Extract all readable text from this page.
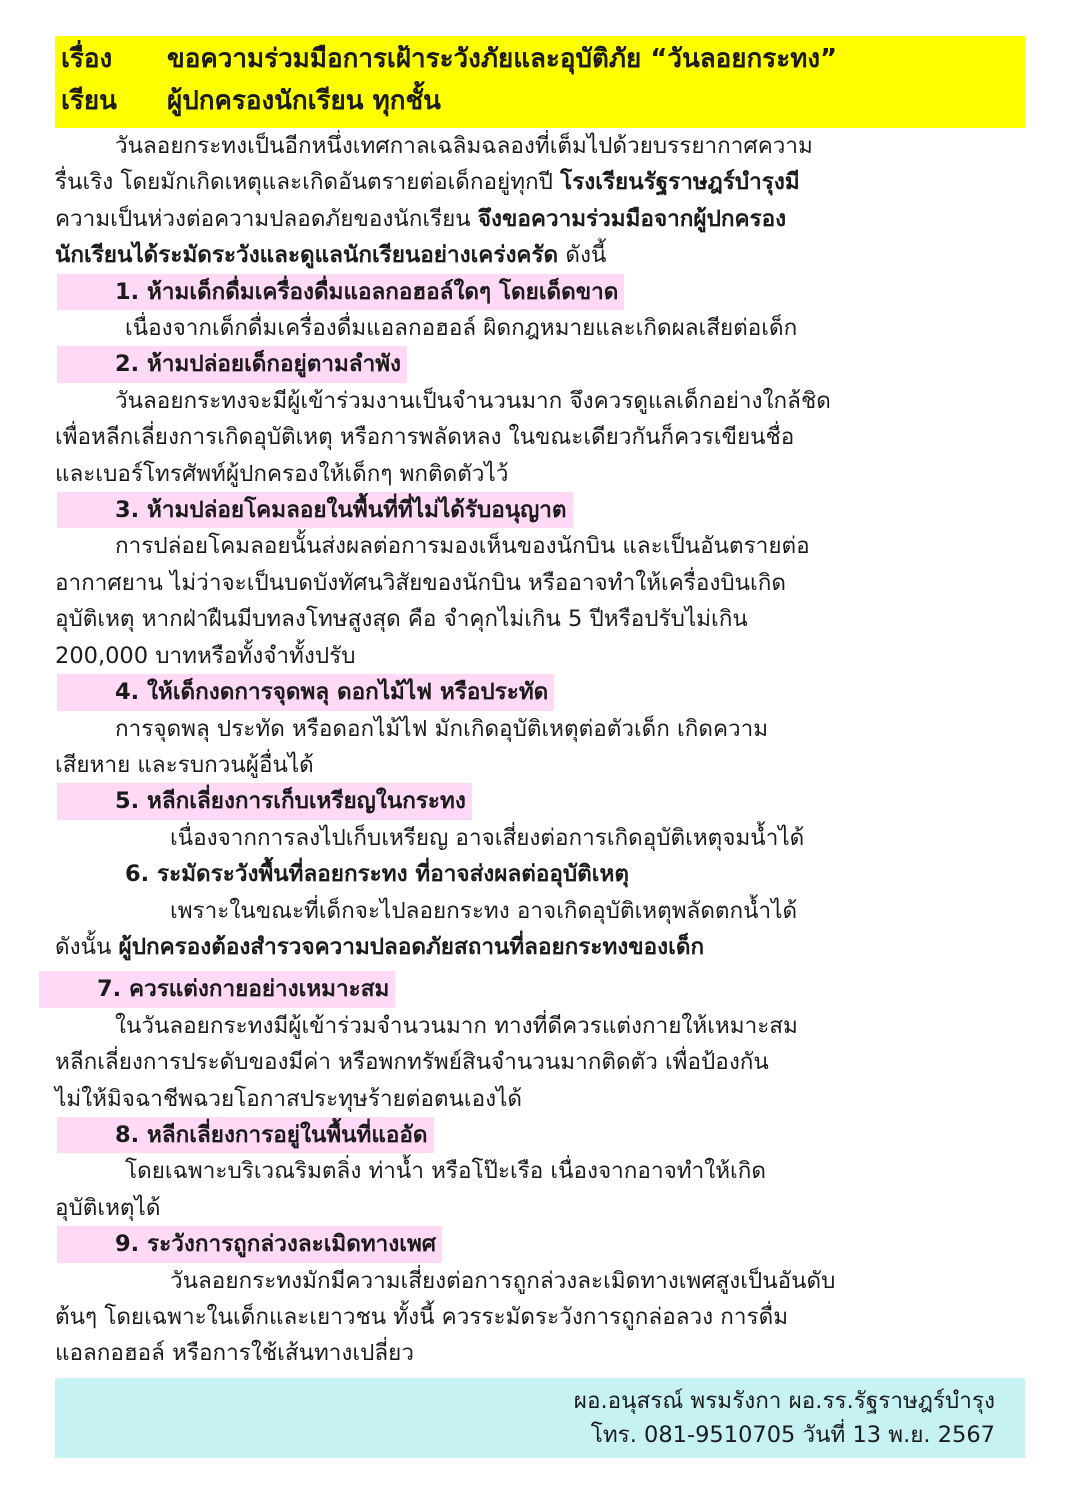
เรื่อง	ขอความร่วมมือการเฝ้าระวังภัยและอุบัติภัย “วันลอยกระทง”
เรียน	ผู้ปกครองนักเรียน ทุกชั้น
วันลอยกระทงเป็นอีกหนึ่งเทศกาลเฉลิมฉลองที่เต็มไปด้วยบรรยากาศความ
รื่นเริง โดยมักเกิดเหตุและเกิดอันตรายต่อเด็กอยู่ทุกปี โรงเรียนรัฐราษฎร์บำรุงมี
ความเป็นห่วงต่อความปลอดภัยของนักเรียน จึงขอความร่วมมือจากผู้ปกครอง
นักเรียนได้ระมัดระวังและดูแลนักเรียนอย่างเคร่งครัด ดังนี้
1. ห้ามเด็กดื่มเครื่องดื่มแอลกอฮอล์ใดๆ โดยเด็ดขาด
เนื่องจากเด็กดื่มเครื่องดื่มแอลกอฮอล์ ผิดกฎหมายและเกิดผลเสียต่อเด็ก
2. ห้ามปล่อยเด็กอยู่ตามลำพัง
วันลอยกระทงจะมีผู้เข้าร่วมงานเป็นจำนวนมาก จึงควรดูแลเด็กอย่างใกล้ชิด
เพื่อหลีกเลี่ยงการเกิดอุบัติเหตุ หรือการพลัดหลง ในขณะเดียวกันก็ควรเขียนชื่อ
และเบอร์โทรศัพท์ผู้ปกครองให้เด็กๆ พกติดตัวไว้
3. ห้ามปล่อยโคมลอยในพื้นที่ที่ไม่ได้รับอนุญาต
การปล่อยโคมลอยนั้นส่งผลต่อการมองเห็นของนักบิน และเป็นอันตรายต่อ
อากาศยาน ไม่ว่าจะเป็นบดบังทัศนวิสัยของนักบิน หรืออาจทำให้เครื่องบินเกิด
อุบัติเหตุ หากฝ่าฝืนมีบทลงโทษสูงสุด คือ จำคุกไม่เกิน 5 ปีหรือปรับไม่เกิน
200,000 บาทหรือทั้งจำทั้งปรับ
4. ให้เด็กงดการจุดพลุ ดอกไม้ไฟ หรือประทัด
การจุดพลุ ประทัด หรือดอกไม้ไฟ มักเกิดอุบัติเหตุต่อตัวเด็ก เกิดความ
เสียหาย และรบกวนผู้อื่นได้
5. หลีกเลี่ยงการเก็บเหรียญในกระทง
เนื่องจากการลงไปเก็บเหรียญ อาจเสี่ยงต่อการเกิดอุบัติเหตุจมน้ำได้
6. ระมัดระวังพื้นที่ลอยกระทง ที่อาจส่งผลต่ออุบัติเหตุ
เพราะในขณะที่เด็กจะไปลอยกระทง อาจเกิดอุบัติเหตุพลัดตกน้ำได้
ดังนั้น ผู้ปกครองต้องสำรวจความปลอดภัยสถานที่ลอยกระทงของเด็ก
7. ควรแต่งกายอย่างเหมาะสม
ในวันลอยกระทงมีผู้เข้าร่วมจำนวนมาก ทางที่ดีควรแต่งกายให้เหมาะสม
หลีกเลี่ยงการประดับของมีค่า หรือพกทรัพย์สินจำนวนมากติดตัว เพื่อป้องกัน
ไม่ให้มิจฉาชีพฉวยโอกาสประทุษร้ายต่อตนเองได้
8. หลีกเลี่ยงการอยู่ในพื้นที่แออัด
โดยเฉพาะบริเวณริมตลิ่ง ท่าน้ำ หรือโป๊ะเรือ เนื่องจากอาจทำให้เกิด
อุบัติเหตุได้
9. ระวังการถูกล่วงละเมิดทางเพศ
วันลอยกระทงมักมีความเสี่ยงต่อการถูกล่วงละเมิดทางเพศสูงเป็นอันดับ
ต้นๆ โดยเฉพาะในเด็กและเยาวชน ทั้งนี้ ควรระมัดระวังการถูกล่อลวง การดื่ม
แอลกอฮอล์ หรือการใช้เส้นทางเปลี่ยว
ผอ.อนุสรณ์ พรมรังกา ผอ.รร.รัฐราษฎร์บำรุง
โทร. 081-9510705 วันที่ 13 พ.ย. 2567
